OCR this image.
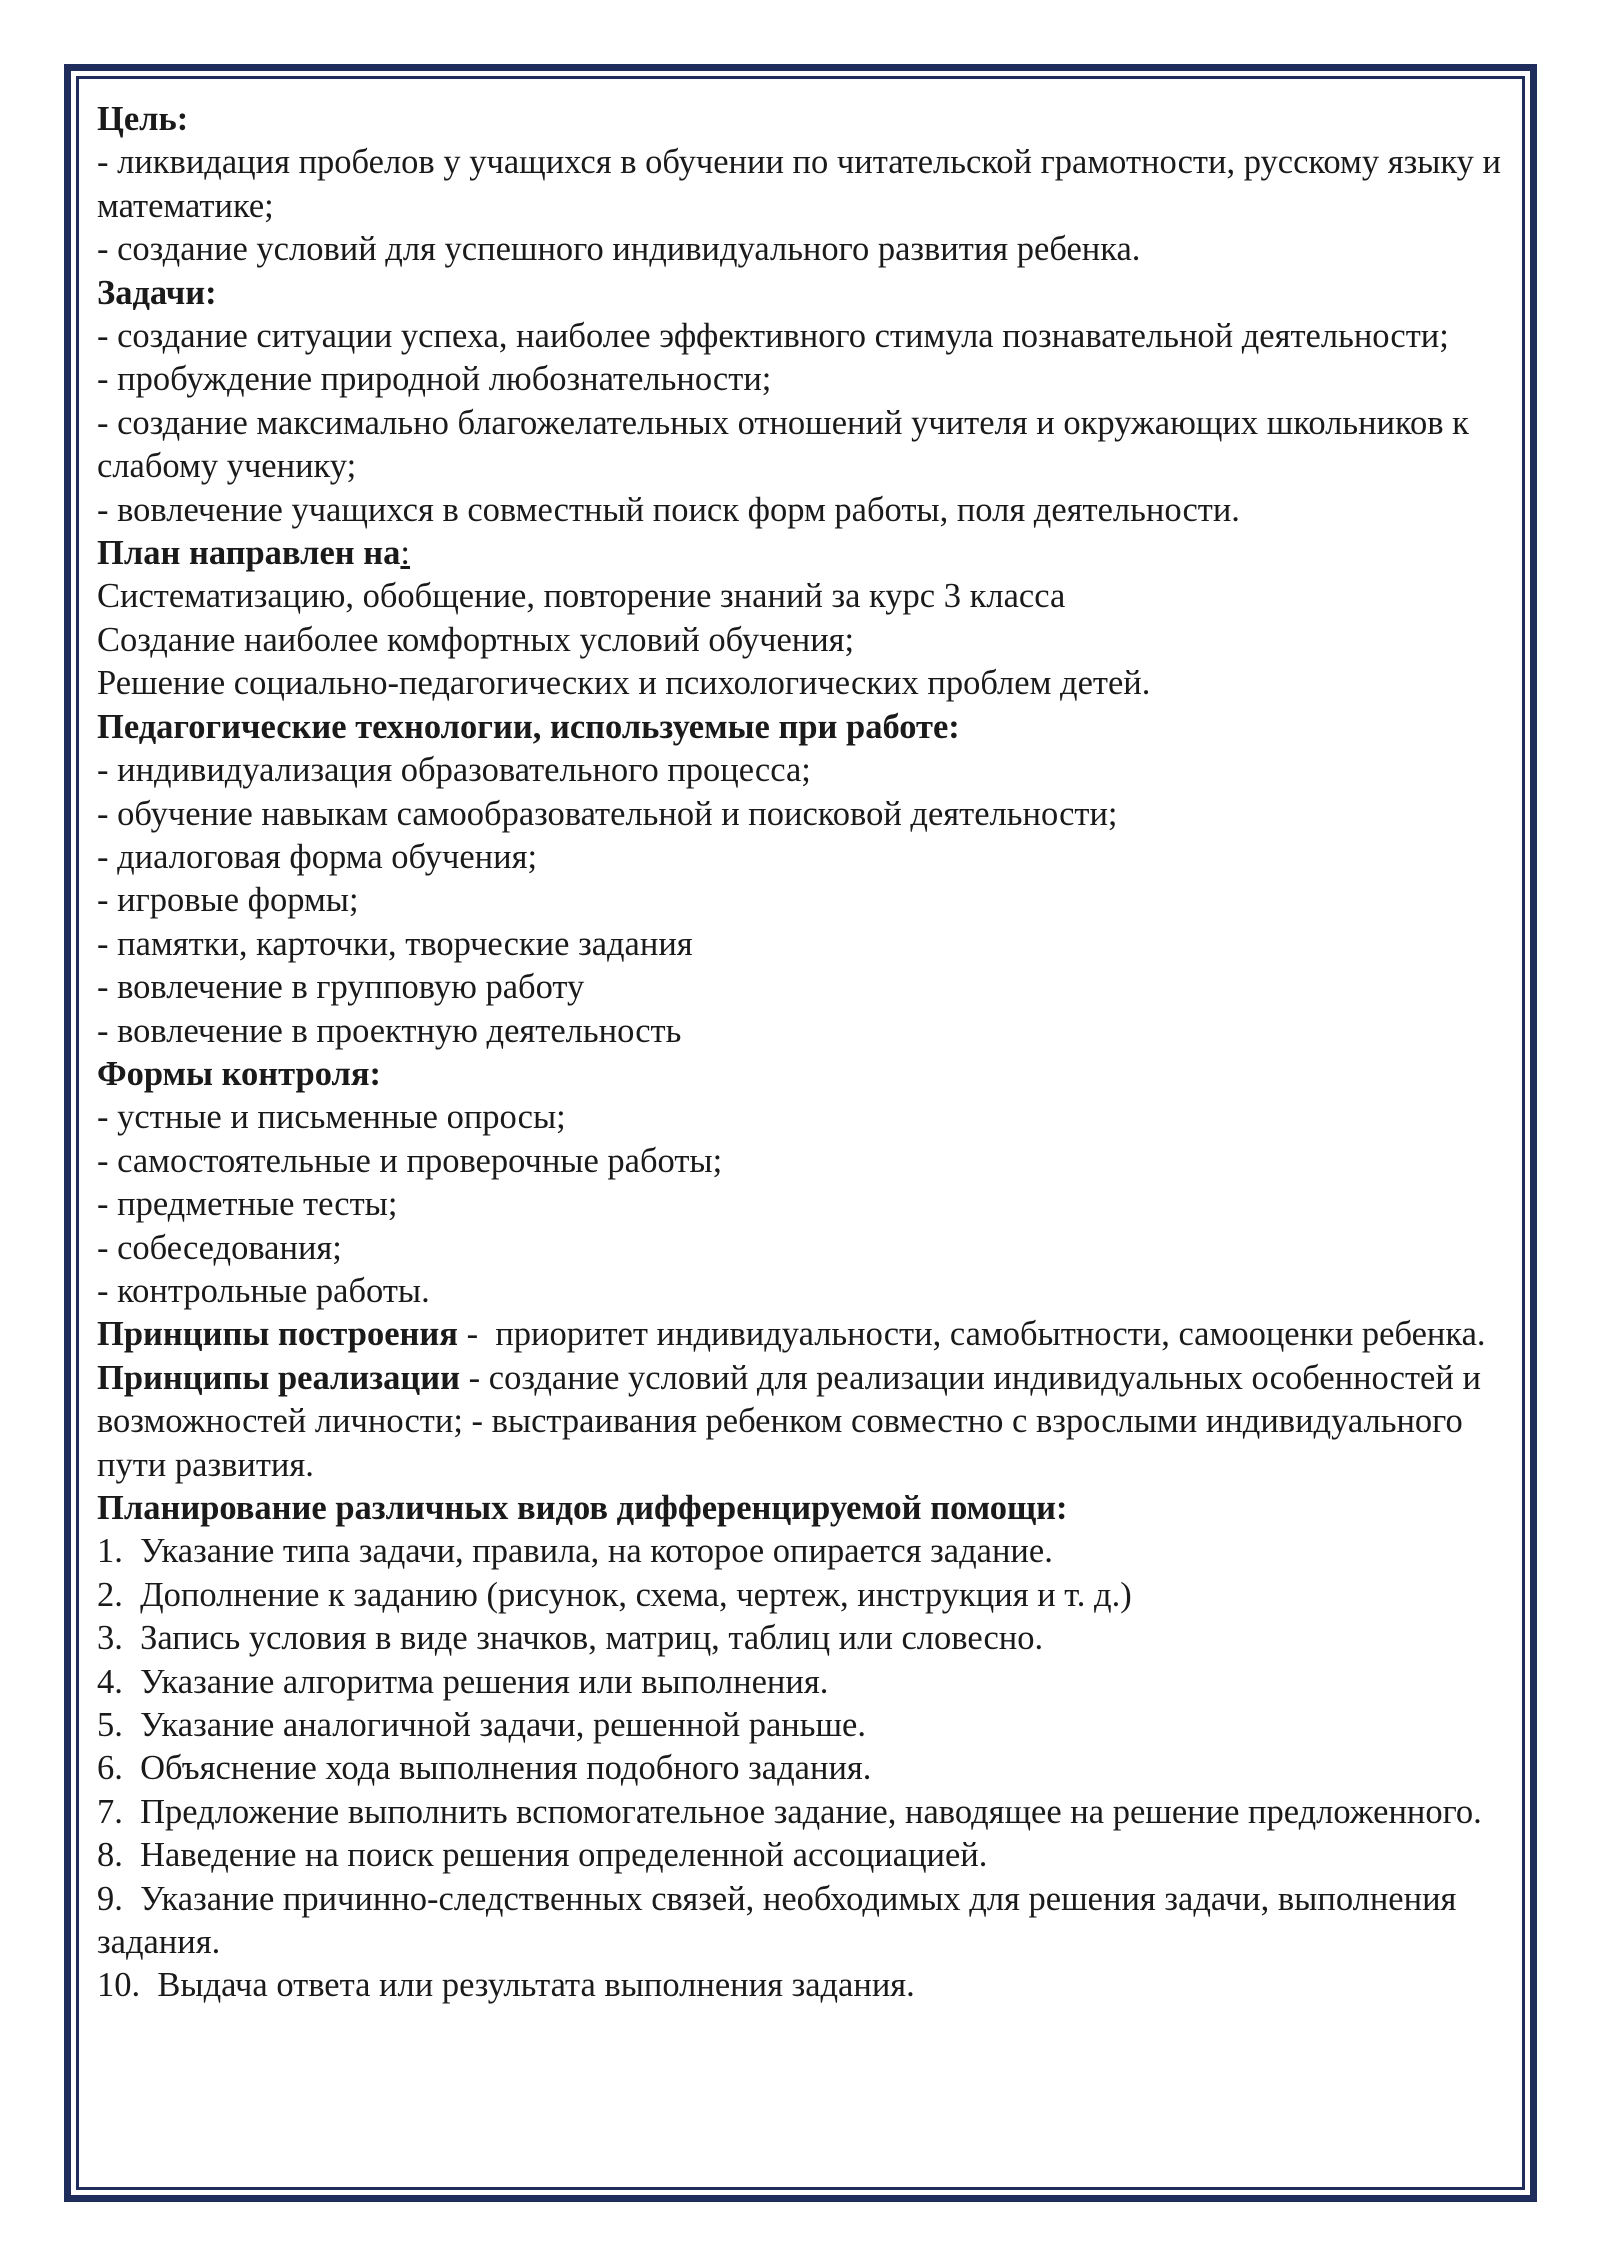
Цель:
- ликвидация пробелов у учащихся в обучении по читательской грамотности, русскому языку и математике;
- создание условий для успешного индивидуального развития ребенка.
Задачи:
- создание ситуации успеха, наиболее эффективного стимула познавательной деятельности;
- пробуждение природной любознательности;
- создание максимально благожелательных отношений учителя и окружающих школьников к слабому ученику;
- вовлечение учащихся в совместный поиск форм работы, поля деятельности.
План направлен на:
Систематизацию, обобщение, повторение знаний за курс 3 класса
Создание наиболее комфортных условий обучения;
Решение социально-педагогических и психологических проблем детей.
Педагогические технологии, используемые при работе:
- индивидуализация образовательного процесса;
- обучение навыкам самообразовательной и поисковой деятельности;
- диалоговая форма обучения;
- игровые формы;
- памятки, карточки, творческие задания
- вовлечение в групповую работу
- вовлечение в проектную деятельность
Формы контроля:
- устные и письменные опросы;
- самостоятельные и проверочные работы;
- предметные тесты;
- собеседования;
- контрольные работы.
Принципы построения -  приоритет индивидуальности, самобытности, самооценки ребенка.
Принципы реализации - создание условий для реализации индивидуальных особенностей и возможностей личности; - выстраивания ребенком совместно с взрослыми индивидуального пути развития.
Планирование различных видов дифференцируемой помощи:
1.  Указание типа задачи, правила, на которое опирается задание.
2.  Дополнение к заданию (рисунок, схема, чертеж, инструкция и т. д.)
3.  Запись условия в виде значков, матриц, таблиц или словесно.
4.  Указание алгоритма решения или выполнения.
5.  Указание аналогичной задачи, решенной раньше.
6.  Объяснение хода выполнения подобного задания.
7.  Предложение выполнить вспомогательное задание, наводящее на решение предложенного.
8.  Наведение на поиск решения определенной ассоциацией.
9.  Указание причинно-следственных связей, необходимых для решения задачи, выполнения задания.
10.  Выдача ответа или результата выполнения задания.
